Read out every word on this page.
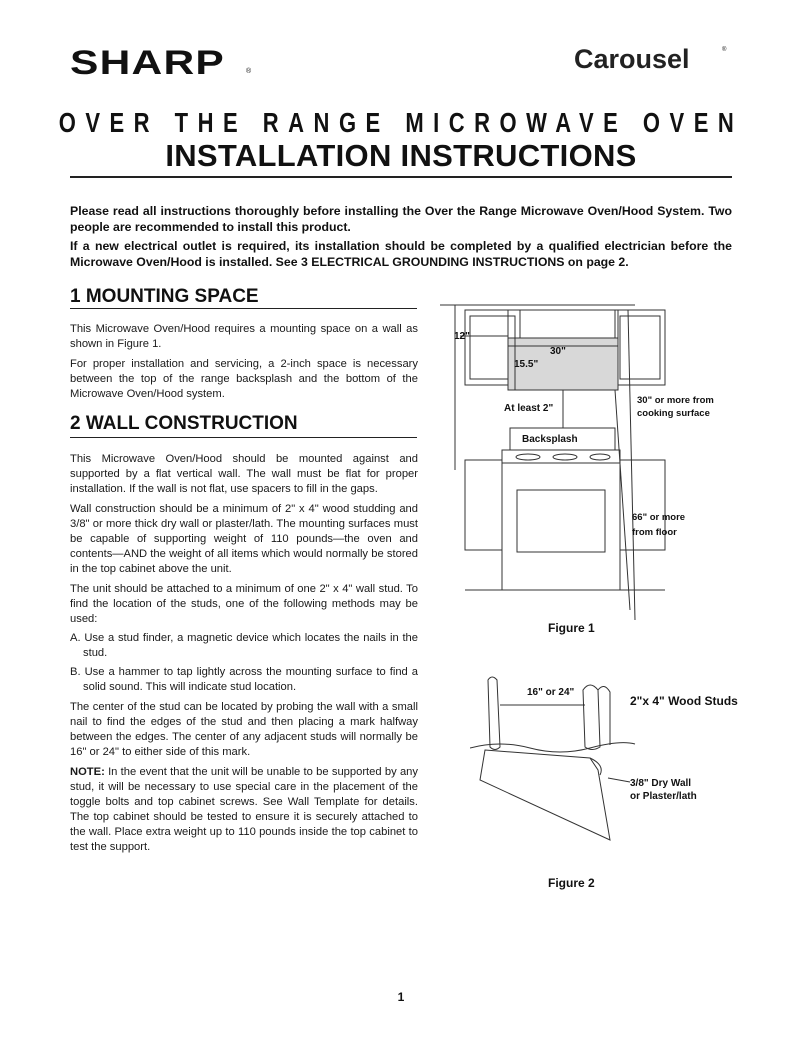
SHARP	®	Carousel	®
OVER THE RANGE MICROWAVE OVEN
INSTALLATION INSTRUCTIONS
Please read all instructions thoroughly before installing the Over the Range Microwave Oven/Hood System. Two people are recommended to install this product.
If a new electrical outlet is required, its installation should be completed by a qualified electrician before the Microwave Oven/Hood is installed. See 3 ELECTRICAL GROUNDING INSTRUCTIONS on page 2.
1 MOUNTING SPACE

This Microwave Oven/Hood requires a mounting space on a wall as shown in Figure 1.

For proper installation and servicing, a 2-inch space is necessary between the top of the range backsplash and the bottom of the Microwave Oven/Hood system.

2 WALL CONSTRUCTION

This Microwave Oven/Hood should be mounted against and supported by a flat vertical wall. The wall must be flat for proper installation. If the wall is not flat, use spacers to fill in the gaps.

Wall construction should be a minimum of 2" x 4" wood studding and 3/8" or more thick dry wall or plaster/lath. The mounting surfaces must be capable of supporting weight of 110 pounds—the oven and contents—AND the weight of all items which would normally be stored in the top cabinet above the unit.

The unit should be attached to a minimum of one 2" x 4" wall stud. To find the location of the studs, one of the following methods may be used:

A. Use a stud finder, a magnetic device which locates the nails in the stud.

B. Use a hammer to tap lightly across the mounting surface to find a solid sound. This will indicate stud location.

The center of the stud can be located by probing the wall with a small nail to find the edges of the stud and then placing a mark halfway between the edges. The center of any adjacent studs will normally be 16" or 24" to either side of this mark.

NOTE: In the event that the unit will be unable to be supported by any stud, it will be necessary to use special care in the placement of the toggle bolts and top cabinet screws. See Wall Template for details. The top cabinet should be tested to ensure it is securely attached to the wall. Place extra weight up to 110 pounds inside the top cabinet to test the support.

12"
30"
15.5"
At least 2"
Backsplash
30" or more from
cooking surface
66" or more
from floor
Figure 1
16" or 24"
2"x 4" Wood Studs
3/8" Dry Wall
or Plaster/lath
Figure 2
1
